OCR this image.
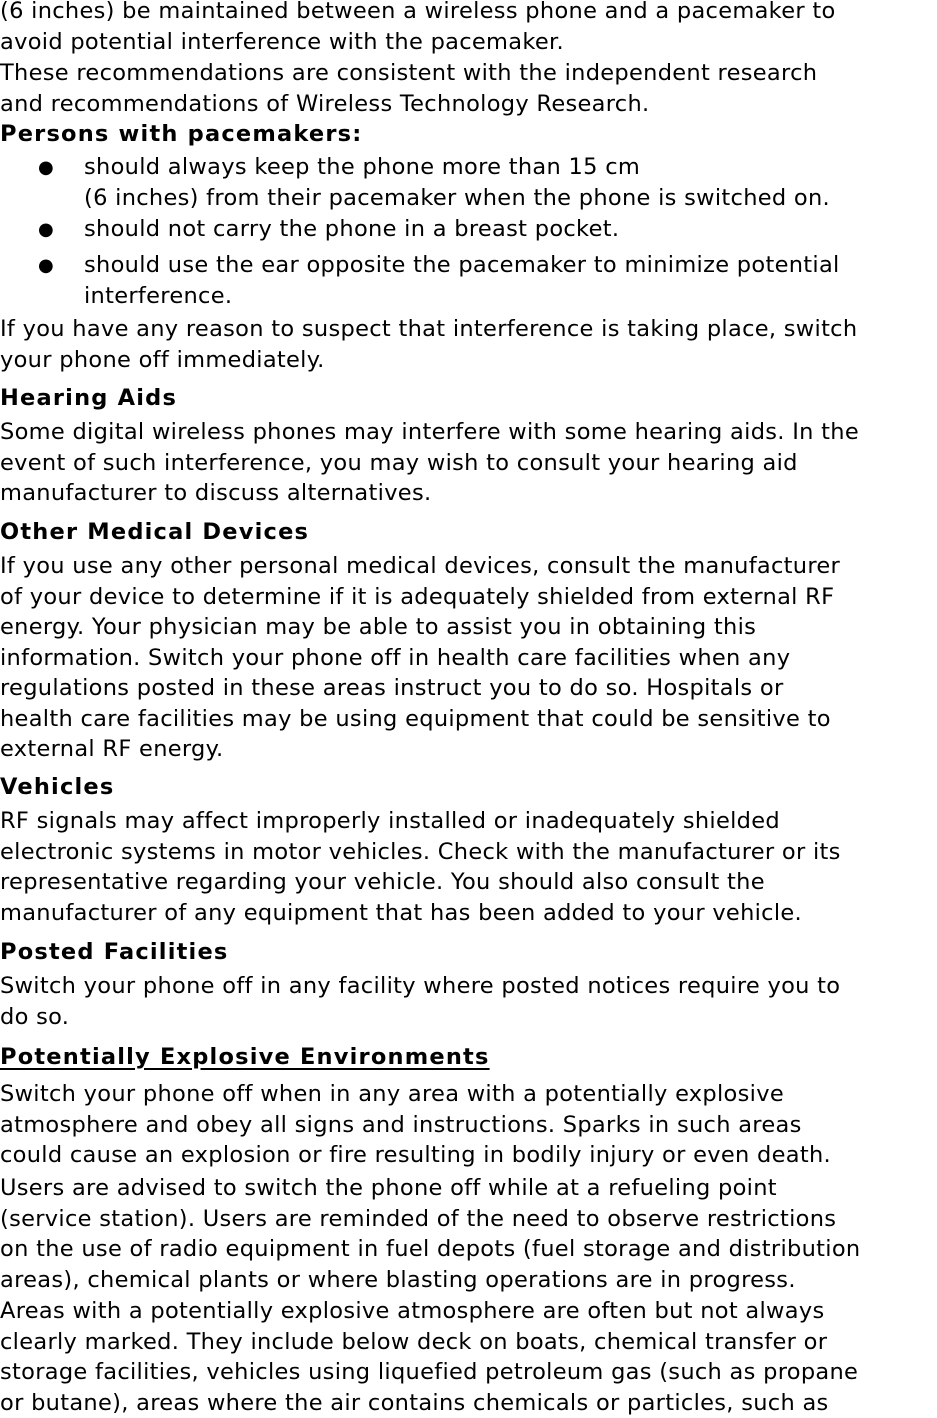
(6 inches) be maintained between a wireless phone and a pacemaker to
avoid potential interference with the pacemaker.
These recommendations are consistent with the independent research
and recommendations of Wireless Technology Research.
Persons with pacemakers:
● should always keep the phone more than 15 cm
(6 inches) from their pacemaker when the phone is switched on.
● should not carry the phone in a breast pocket.
● should use the ear opposite the pacemaker to minimize potential
interference.
If you have any reason to suspect that interference is taking place, switch
your phone off immediately.
Hearing Aids
Some digital wireless phones may interfere with some hearing aids. In the
event of such interference, you may wish to consult your hearing aid
manufacturer to discuss alternatives.
Other Medical Devices
If you use any other personal medical devices, consult the manufacturer
of your device to determine if it is adequately shielded from external RF
energy. Your physician may be able to assist you in obtaining this
information. Switch your phone off in health care facilities when any
regulations posted in these areas instruct you to do so. Hospitals or
health care facilities may be using equipment that could be sensitive to
external RF energy.
Vehicles
RF signals may affect improperly installed or inadequately shielded
electronic systems in motor vehicles. Check with the manufacturer or its
representative regarding your vehicle. You should also consult the
manufacturer of any equipment that has been added to your vehicle.
Posted Facilities
Switch your phone off in any facility where posted notices require you to
do so.
Potentially Explosive Environments
Switch your phone off when in any area with a potentially explosive
atmosphere and obey all signs and instructions. Sparks in such areas
could cause an explosion or fire resulting in bodily injury or even death.
Users are advised to switch the phone off while at a refueling point
(service station). Users are reminded of the need to observe restrictions
on the use of radio equipment in fuel depots (fuel storage and distribution
areas), chemical plants or where blasting operations are in progress.
Areas with a potentially explosive atmosphere are often but not always
clearly marked. They include below deck on boats, chemical transfer or
storage facilities, vehicles using liquefied petroleum gas (such as propane
or butane), areas where the air contains chemicals or particles, such as
